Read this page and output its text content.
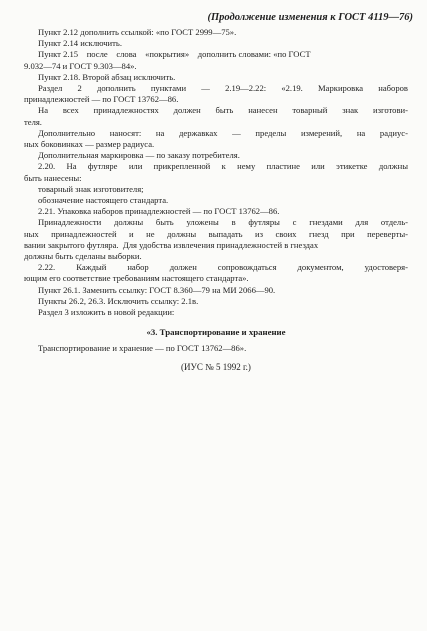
(Продолжение изменения к ГОСТ 4119—76)
Пункт 2.12 дополнить ссылкой: «по ГОСТ 2999—75».
Пункт 2.14 исключить.
Пункт 2.15    после    слова    «покрытия»    дополнить словами: «по ГОСТ
9.032—74 и ГОСТ 9.303—84».
Пункт 2.18. Второй абзац исключить.
Раздел 2 дополнить пунктами — 2.19—2.22: «2.19. Маркировка наборов
принадлежностей — по ГОСТ 13762—86.
На всех принадлежностях должен быть нанесен товарный знак изготови-
теля.
Дополнительно наносят: на державках — пределы измерений, на радиус-
ных боковинках — размер радиуса.
Дополнительная маркировка — по заказу потребителя.
2.20. На футляре или прикрепленной к нему пластине или этикетке должны
быть нанесены:
товарный знак изготовителя;
обозначение настоящего стандарта.
2.21. Упаковка наборов принадлежностей — по ГОСТ 13762—86.
Принадлежности должны быть уложены в футляры с гнездами для отдель-
ных принадлежностей и не должны выпадать из своих гнезд при переверты-
вании закрытого футляра.  Для удобства извлечения принадлежностей в гнездах
должны быть сделаны выборки.
2.22. Каждый набор должен сопровождаться документом, удостоверя-
ющим его соответствие требованиям настоящего стандарта».
Пункт 26.1. Заменить ссылку: ГОСТ 8.360—79 на МИ 2066—90.
Пункты 26.2, 26.3. Исключить ссылку: 2.1в.
Раздел 3 изложить в новой редакции:
«3. Транспортирование и хранение
Транспортирование и хранение — по ГОСТ 13762—86».
(ИУС № 5 1992 г.)
